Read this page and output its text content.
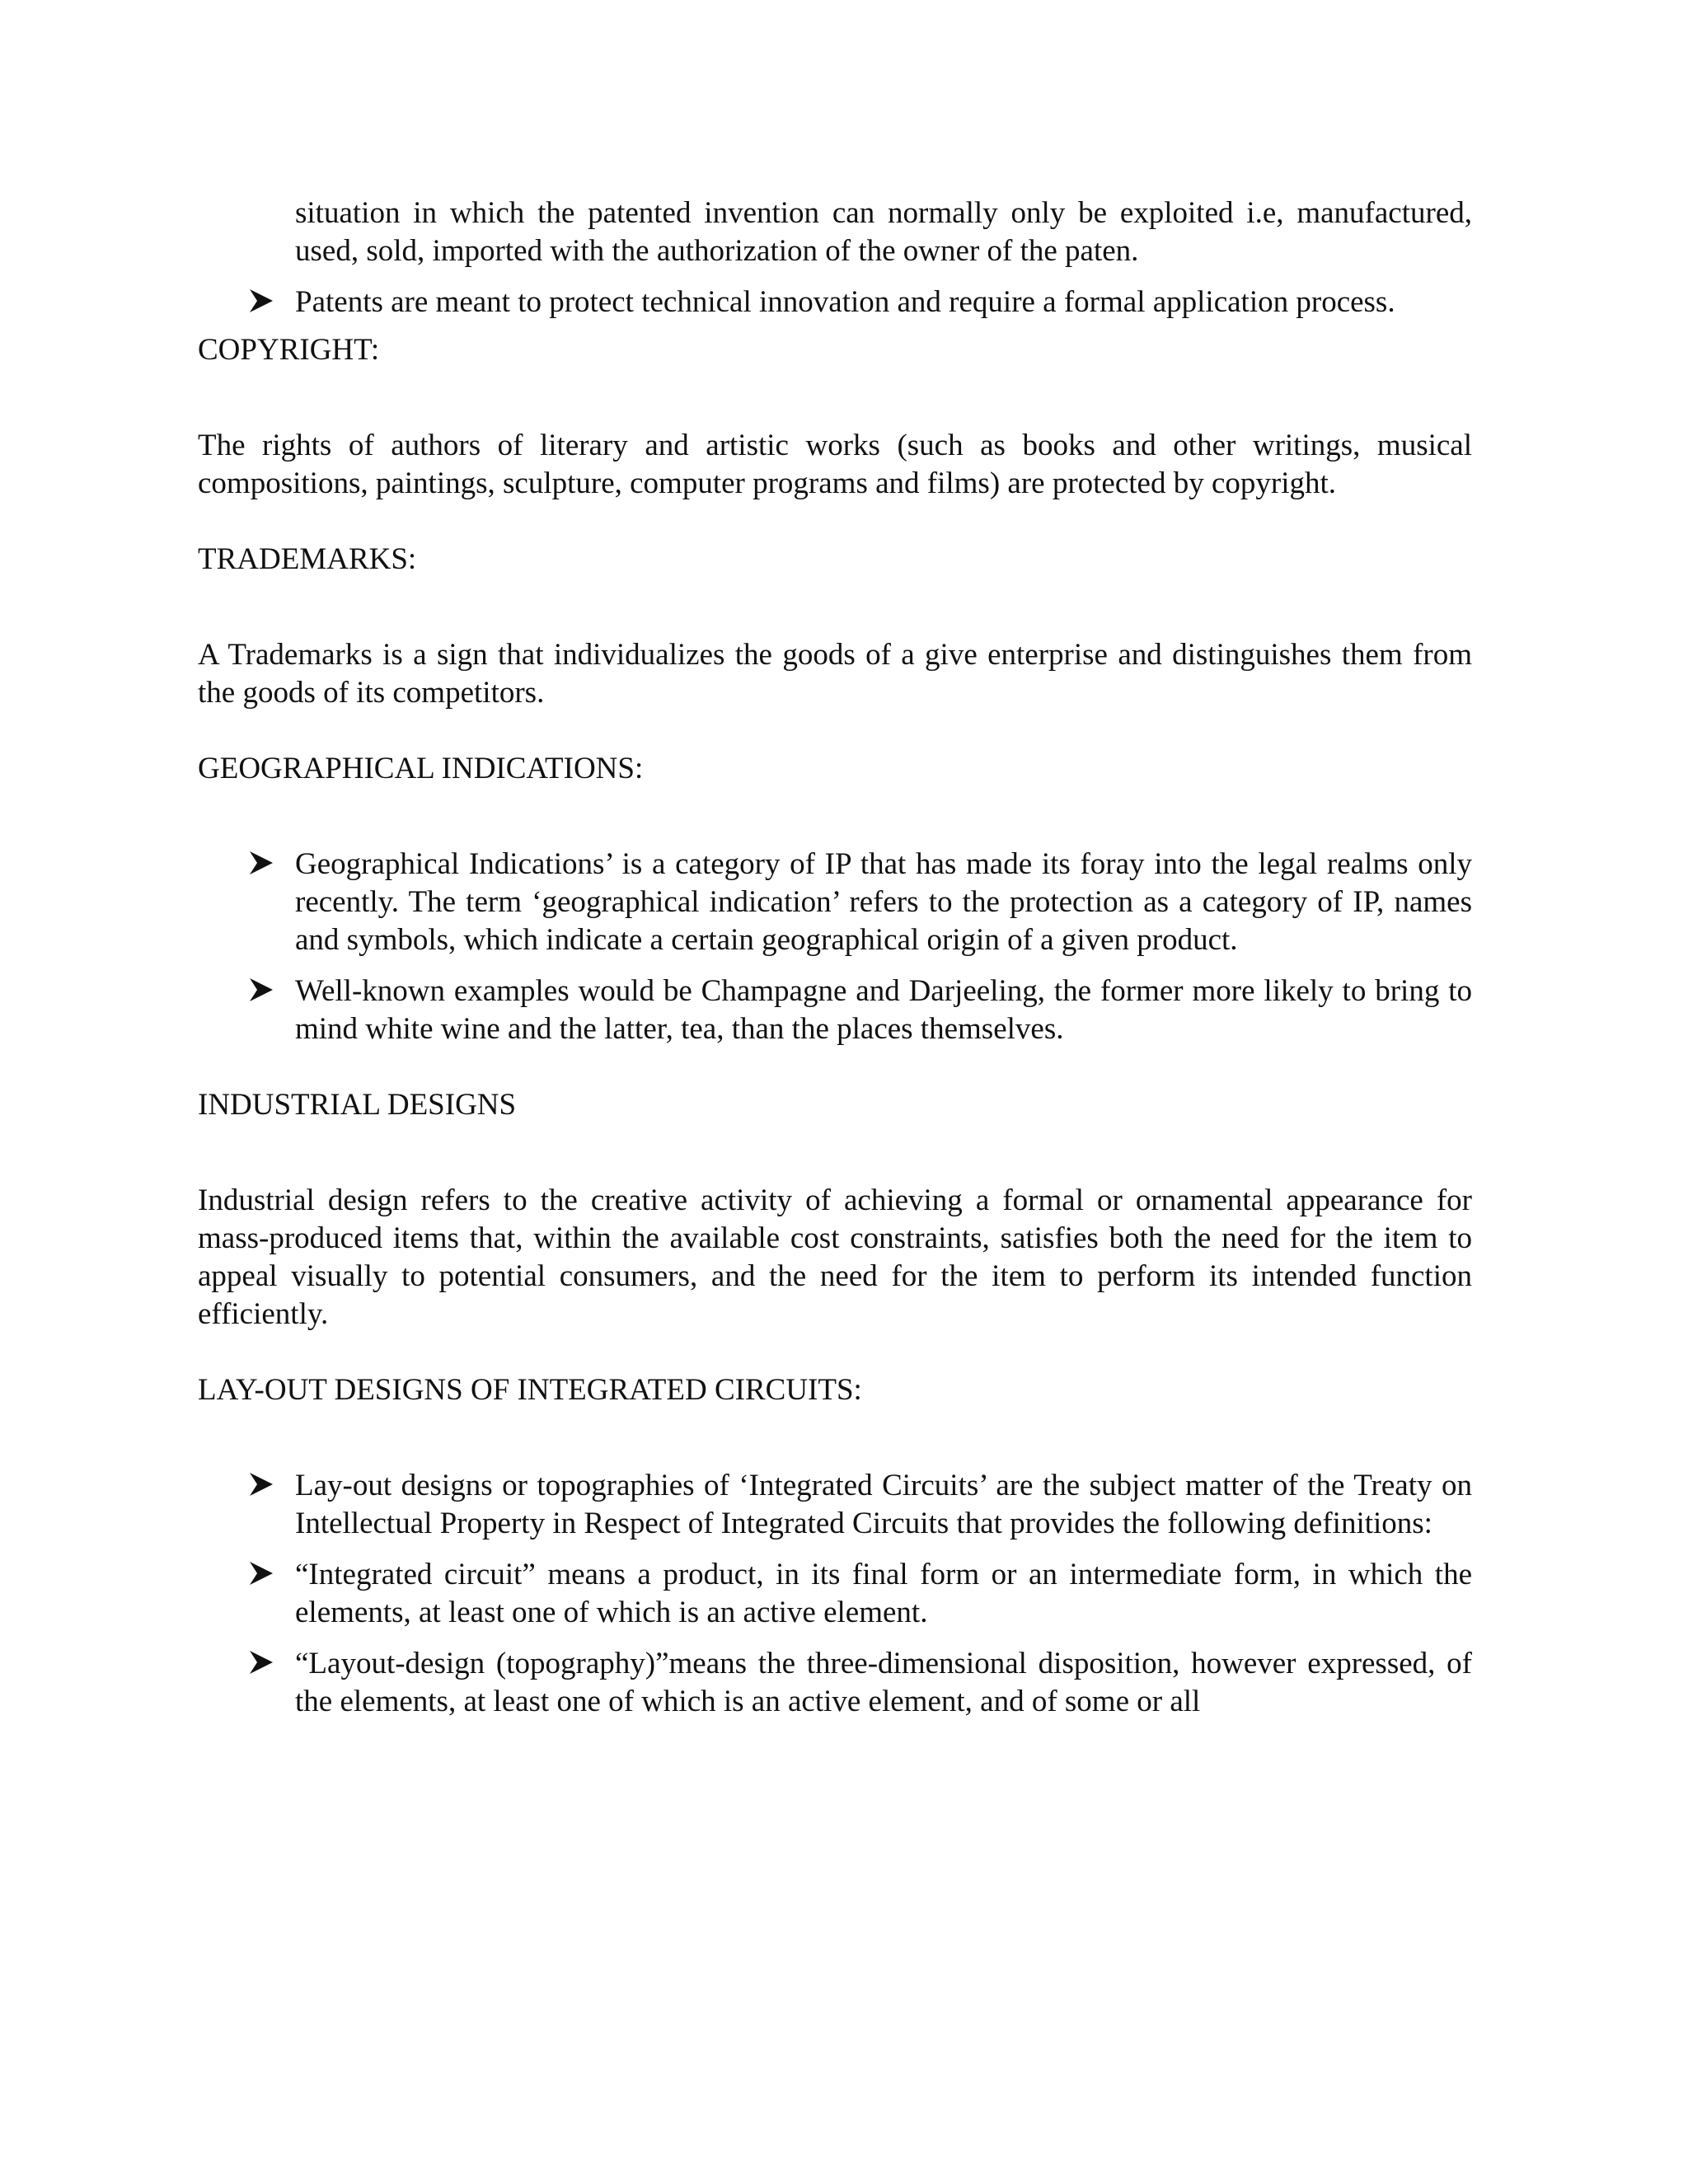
situation in which the patented invention can normally only be exploited i.e, manufactured, used, sold, imported with the authorization of the owner of the paten.

Patents are meant to protect technical innovation and require a formal application process.
COPYRIGHT:

The rights of authors of literary and artistic works (such as books and other writings, musical compositions, paintings, sculpture, computer programs and films) are protected by copyright.

TRADEMARKS:

A Trademarks is a sign that individualizes the goods of a give enterprise and distinguishes them from the goods of its competitors.

GEOGRAPHICAL INDICATIONS:
Geographical Indications’ is a category of IP that has made its foray into the legal realms only recently. The term ‘geographical indication’ refers to the protection as a category of IP, names and symbols, which indicate a certain geographical origin of a given product.
Well-known examples would be Champagne and Darjeeling, the former more likely to bring to mind white wine and the latter, tea, than the places themselves.
INDUSTRIAL DESIGNS

Industrial design refers to the creative activity of achieving a formal or ornamental appearance for mass-produced items that, within the available cost constraints, satisfies both the need for the item to appeal visually to potential consumers, and the need for the item to perform its intended function efficiently.

LAY-OUT DESIGNS OF INTEGRATED CIRCUITS:
Lay-out designs or topographies of ‘Integrated Circuits’ are the subject matter of the Treaty on Intellectual Property in Respect of Integrated Circuits that provides the following definitions:
“Integrated circuit” means a product, in its final form or an intermediate form, in which the elements, at least one of which is an active element.
“Layout-design (topography)”means the three-dimensional disposition, however expressed, of the elements, at least one of which is an active element, and of some or all
